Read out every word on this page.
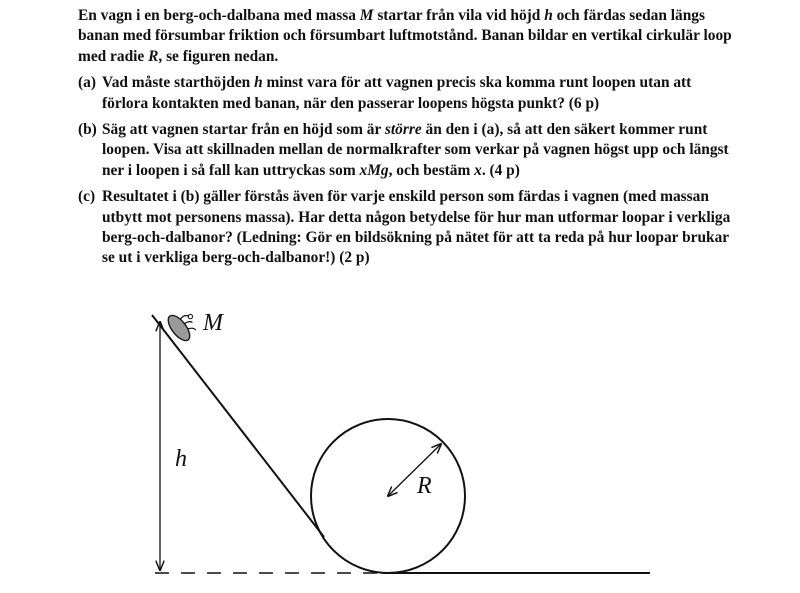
En vagn i en berg-och-dalbana med massa M startar från vila vid höjd h och färdas sedan längs banan med försumbar friktion och försumbart luftmotstånd. Banan bildar en vertikal cirkulär loop med radie R, se figuren nedan.

(a) Vad måste starthöjden h minst vara för att vagnen precis ska komma runt loopen utan att förlora kontakten med banan, när den passerar loopens högsta punkt? (6 p)
(b) Säg att vagnen startar från en höjd som är större än den i (a), så att den säkert kommer runt loopen. Visa att skillnaden mellan de normalkrafter som verkar på vagnen högst upp och längst ner i loopen i så fall kan uttryckas som xMg, och bestäm x. (4 p)
(c) Resultatet i (b) gäller förstås även för varje enskild person som färdas i vagnen (med massan utbytt mot personens massa). Har detta någon betydelse för hur man utformar loopar i verkliga berg-och-dalbanor? (Ledning: Gör en bildsökning på nätet för att ta reda på hur loopar brukar se ut i verkliga berg-och-dalbanor!) (2 p)
M
h
R
